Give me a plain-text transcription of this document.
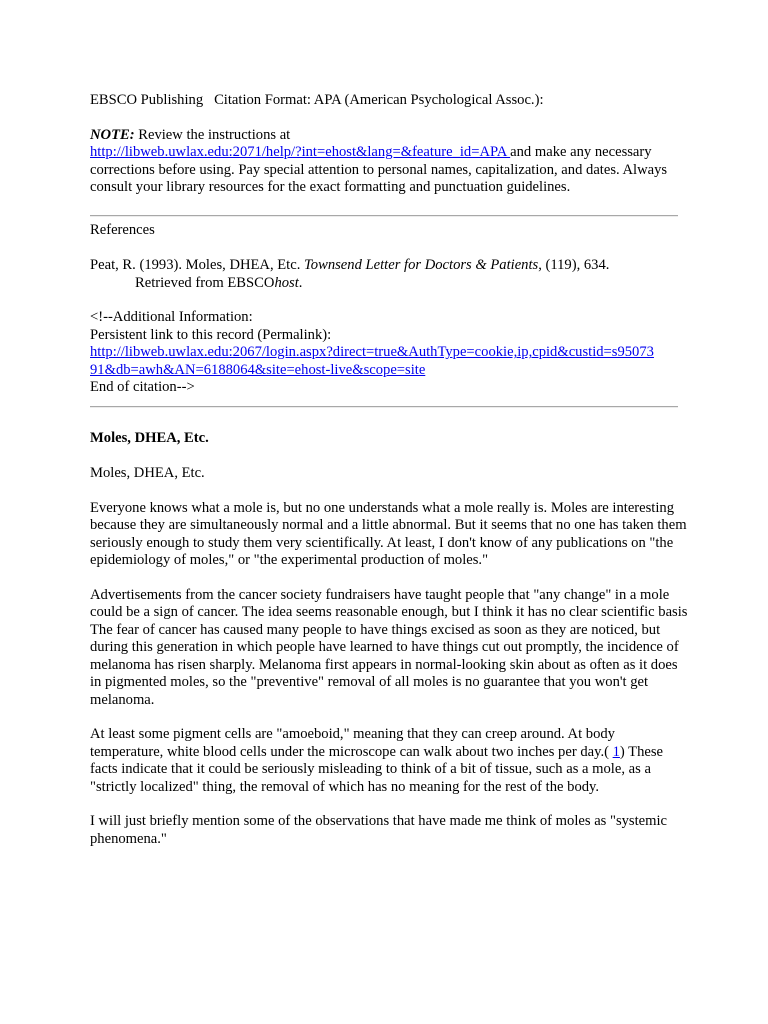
EBSCO Publishing   Citation Format: APA (American Psychological Assoc.):

NOTE: Review the instructions at
http://libweb.uwlax.edu:2071/help/?int=ehost&lang=&feature_id=APA and make any necessary corrections before using. Pay special attention to personal names, capitalization, and dates. Always consult your library resources for the exact formatting and punctuation guidelines.

References

Peat, R. (1993). Moles, DHEA, Etc. Townsend Letter for Doctors & Patients, (119), 634.
Retrieved from EBSCOhost.

<!--Additional Information:
Persistent link to this record (Permalink):
http://libweb.uwlax.edu:2067/login.aspx?direct=true&AuthType=cookie,ip,cpid&custid=s95073
91&db=awh&AN=6188064&site=ehost-live&scope=site
End of citation-->

Moles, DHEA, Etc.

Moles, DHEA, Etc.

Everyone knows what a mole is, but no one understands what a mole really is. Moles are interesting because they are simultaneously normal and a little abnormal. But it seems that no one has taken them seriously enough to study them very scientifically. At least, I don't know of any publications on "the epidemiology of moles," or "the experimental production of moles."

Advertisements from the cancer society fundraisers have taught people that "any change" in a mole could be a sign of cancer. The idea seems reasonable enough, but I think it has no clear scientific basis The fear of cancer has caused many people to have things excised as soon as they are noticed, but during this generation in which people have learned to have things cut out promptly, the incidence of melanoma has risen sharply. Melanoma first appears in normal-looking skin about as often as it does in pigmented moles, so the "preventive" removal of all moles is no guarantee that you won't get melanoma.

At least some pigment cells are "amoeboid," meaning that they can creep around. At body temperature, white blood cells under the microscope can walk about two inches per day.( 1) These facts indicate that it could be seriously misleading to think of a bit of tissue, such as a mole, as a "strictly localized" thing, the removal of which has no meaning for the rest of the body.

I will just briefly mention some of the observations that have made me think of moles as "systemic phenomena."
